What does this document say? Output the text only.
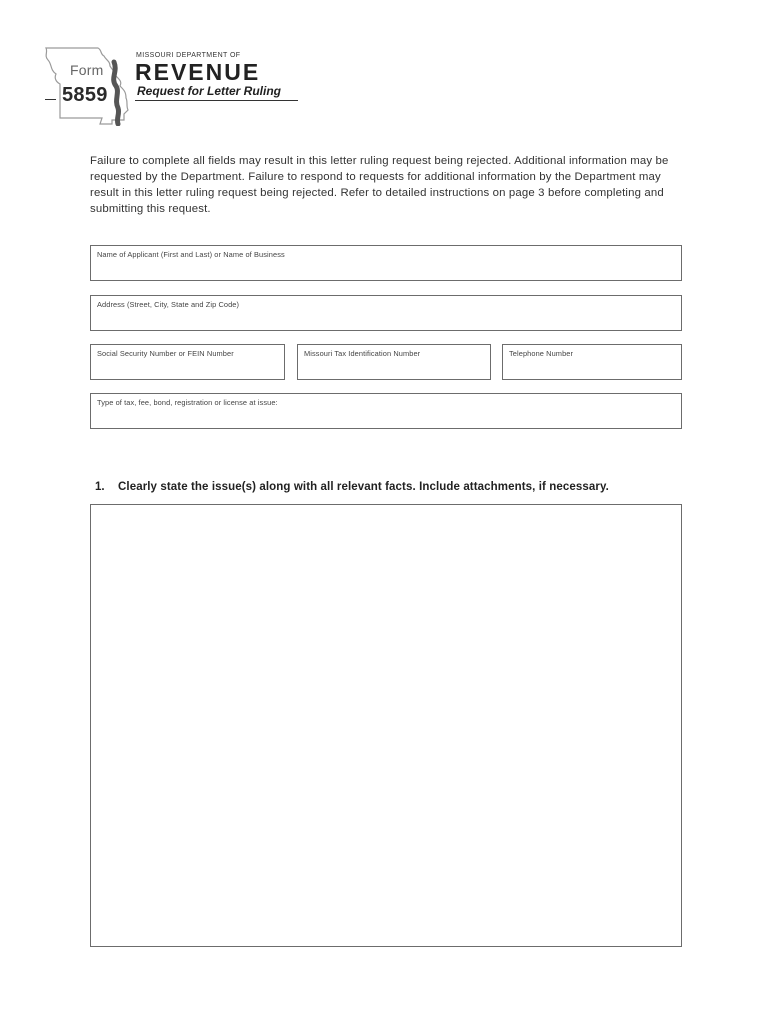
Form
5859
MISSOURI DEPARTMENT OF
REVENUE
Request for Letter Ruling
Failure to complete all fields may result in this letter ruling request being rejected. Additional information may be requested by the Department. Failure to respond to requests for additional information by the Department may result in this letter ruling request being rejected. Refer to detailed instructions on page 3 before completing and submitting this request.
Name of Applicant (First and Last) or Name of Business
Address (Street, City, State and Zip Code)
Social Security Number or FEIN Number	Missouri Tax Identification Number	Telephone Number
Type of tax, fee, bond, registration or license at issue:
1. Clearly state the issue(s) along with all relevant facts. Include attachments, if necessary.
